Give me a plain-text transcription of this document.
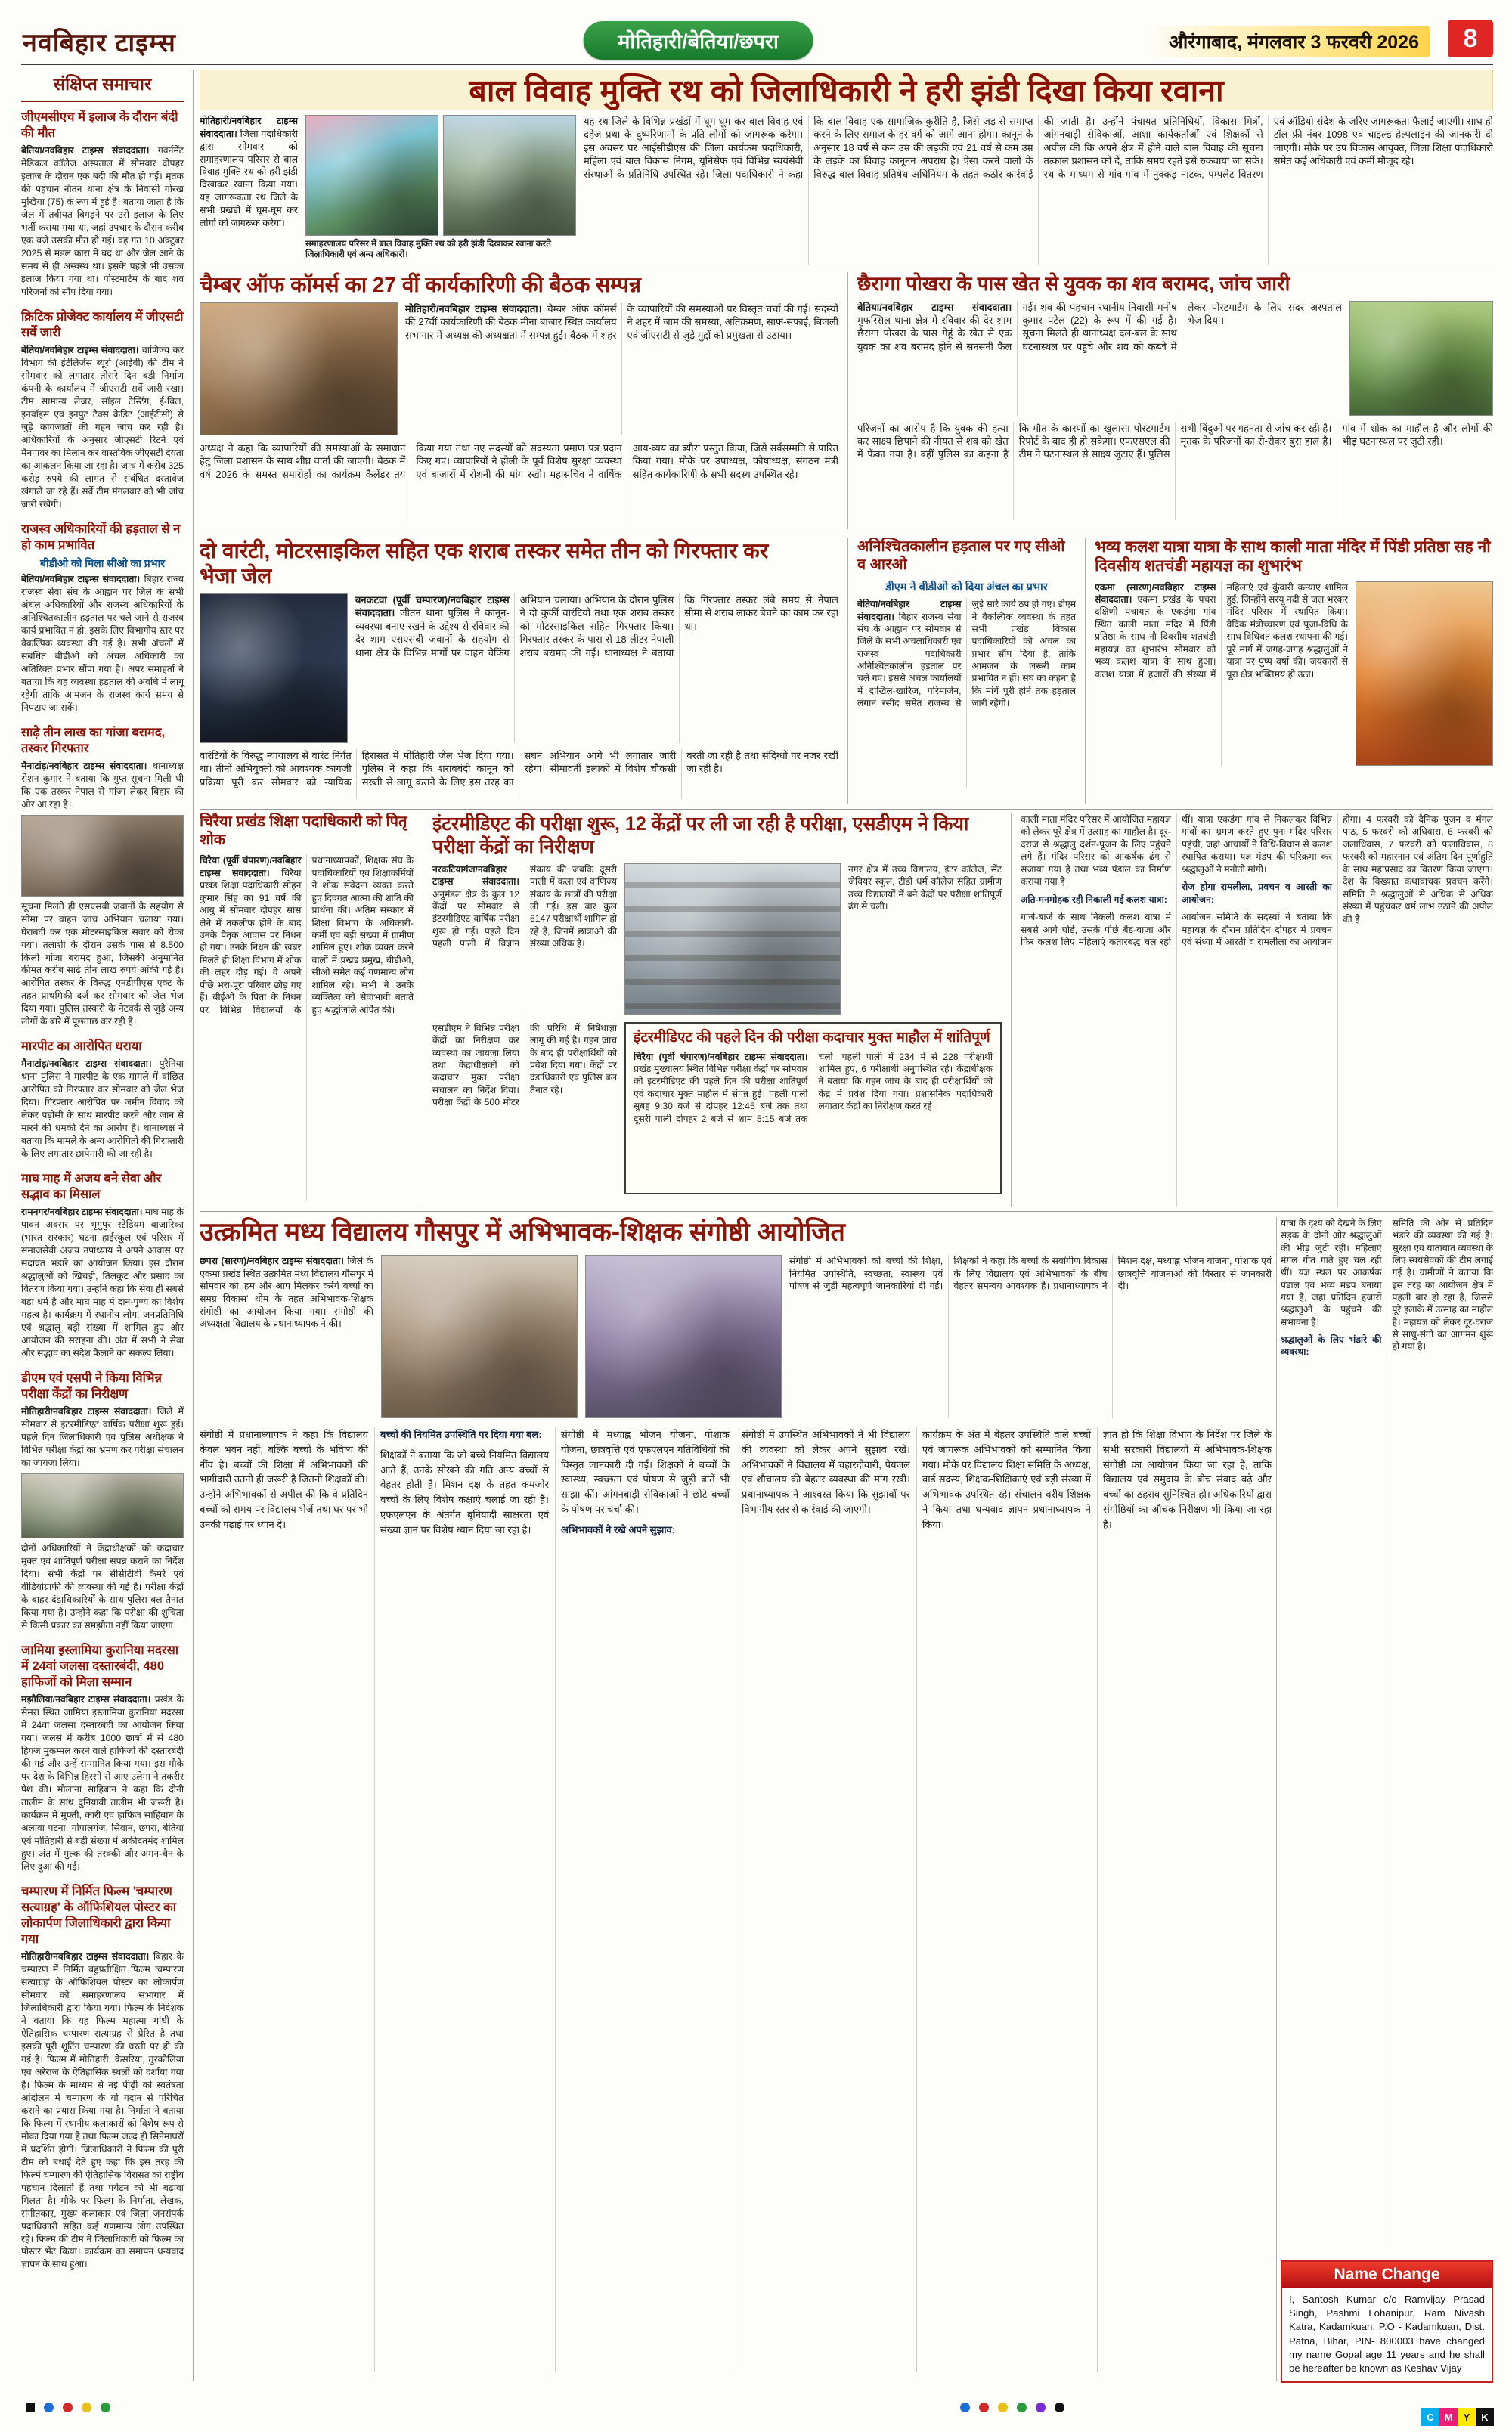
नवबिहार टाइम्स	मोतिहारी/बेतिया/छपरा	औरंगाबाद, मंगलवार 3 फरवरी 2026	8
संक्षिप्त समाचार
जीएमसीएच में इलाज के दौरान बंदी की मौत

बेतिया/नवबिहार टाइम्स संवाददाता। गवर्नमेंट मेडिकल कॉलेज अस्पताल में सोमवार दोपहर इलाज के दौरान एक बंदी की मौत हो गई। मृतक की पहचान नौतन थाना क्षेत्र के निवासी गोरख मुखिया (75) के रूप में हुई है। बताया जाता है कि जेल में तबीयत बिगड़ने पर उसे इलाज के लिए भर्ती कराया गया था, जहां उपचार के दौरान करीब एक बजे उसकी मौत हो गई। वह गत 10 अक्टूबर 2025 से मंडल कारा में बंद था और जेल आने के समय से ही अस्वस्थ था। इसके पहले भी उसका इलाज किया गया था। पोस्टमार्टम के बाद शव परिजनों को सौंप दिया गया।

क्रिटिक प्रोजेक्ट कार्यालय में जीएसटी सर्वे जारी

बेतिया/नवबिहार टाइम्स संवाददाता। वाणिज्य कर विभाग की इंटेलिजेंस ब्यूरो (आईबी) की टीम ने सोमवार को लगातार तीसरे दिन बड़ी निर्माण कंपनी के कार्यालय में जीएसटी सर्वे जारी रखा। टीम सामान्य लेजर, सॉइल टेस्टिंग, ई-बिल, इनवॉइस एवं इनपुट टैक्स क्रेडिट (आईटीसी) से जुड़े कागजातों की गहन जांच कर रही है। अधिकारियों के अनुसार जीएसटी रिटर्न एवं मैनपावर का मिलान कर वास्तविक जीएसटी देयता का आकलन किया जा रहा है। जांच में करीब 325 करोड़ रुपये की लागत से संबंधित दस्तावेज खंगाले जा रहे हैं। सर्वे टीम मंगलवार को भी जांच जारी रखेगी।

राजस्व अधिकारियों की हड़ताल से न हो काम प्रभावित
बीडीओ को मिला सीओ का प्रभार

बेतिया/नवबिहार टाइम्स संवाददाता। बिहार राज्य राजस्व सेवा संघ के आह्वान पर जिले के सभी अंचल अधिकारियों और राजस्व अधिकारियों के अनिश्चितकालीन हड़ताल पर चले जाने से राजस्व कार्य प्रभावित न हो, इसके लिए विभागीय स्तर पर वैकल्पिक व्यवस्था की गई है। सभी अंचलों में संबंधित बीडीओ को अंचल अधिकारी का अतिरिक्त प्रभार सौंपा गया है। अपर समाहर्ता ने बताया कि यह व्यवस्था हड़ताल की अवधि में लागू रहेगी ताकि आमजन के राजस्व कार्य समय से निपटाए जा सकें।

साढ़े तीन लाख का गांजा बरामद, तस्कर गिरफ्तार

मैनाटांड़/नवबिहार टाइम्स संवाददाता। थानाध्यक्ष रोशन कुमार ने बताया कि गुप्त सूचना मिली थी कि एक तस्कर नेपाल से गांजा लेकर बिहार की ओर आ रहा है।

सूचना मिलते ही एसएसबी जवानों के सहयोग से सीमा पर वाहन जांच अभियान चलाया गया। घेराबंदी कर एक मोटरसाइकिल सवार को रोका गया। तलाशी के दौरान उसके पास से 8.500 किलो गांजा बरामद हुआ, जिसकी अनुमानित कीमत करीब साढ़े तीन लाख रुपये आंकी गई है। आरोपित तस्कर के विरुद्ध एनडीपीएस एक्ट के तहत प्राथमिकी दर्ज कर सोमवार को जेल भेज दिया गया। पुलिस तस्करी के नेटवर्क से जुड़े अन्य लोगों के बारे में पूछताछ कर रही है।

मारपीट का आरोपित धराया

मैनाटांड़/नवबिहार टाइम्स संवाददाता। पुरैनिया थाना पुलिस ने मारपीट के एक मामले में वांछित आरोपित को गिरफ्तार कर सोमवार को जेल भेज दिया। गिरफ्तार आरोपित पर जमीन विवाद को लेकर पड़ोसी के साथ मारपीट करने और जान से मारने की धमकी देने का आरोप है। थानाध्यक्ष ने बताया कि मामले के अन्य आरोपितों की गिरफ्तारी के लिए लगातार छापेमारी की जा रही है।

माघ माह में अजय बने सेवा और सद्भाव का मिसाल

रामनगर/नवबिहार टाइम्स संवाददाता। माघ माह के पावन अवसर पर भृगुपुर स्टेडियम बाजारिका (भारत सरकार) घटना हाईस्कूल एवं परिसर में समाजसेवी अजय उपाध्याय ने अपने आवास पर सदाव्रत भंडारे का आयोजन किया। इस दौरान श्रद्धालुओं को खिचड़ी, तिलकुट और प्रसाद का वितरण किया गया। उन्होंने कहा कि सेवा ही सबसे बड़ा धर्म है और माघ माह में दान-पुण्य का विशेष महत्व है। कार्यक्रम में स्थानीय लोग, जनप्रतिनिधि एवं श्रद्धालु बड़ी संख्या में शामिल हुए और आयोजन की सराहना की। अंत में सभी ने सेवा और सद्भाव का संदेश फैलाने का संकल्प लिया।

डीएम एवं एसपी ने किया विभिन्न परीक्षा केंद्रों का निरीक्षण

मोतिहारी/नवबिहार टाइम्स संवाददाता। जिले में सोमवार से इंटरमीडिएट वार्षिक परीक्षा शुरू हुई। पहले दिन जिलाधिकारी एवं पुलिस अधीक्षक ने विभिन्न परीक्षा केंद्रों का भ्रमण कर परीक्षा संचालन का जायजा लिया।

दोनों अधिकारियों ने केंद्राधीक्षकों को कदाचार मुक्त एवं शांतिपूर्ण परीक्षा संपन्न कराने का निर्देश दिया। सभी केंद्रों पर सीसीटीवी कैमरे एवं वीडियोग्राफी की व्यवस्था की गई है। परीक्षा केंद्रों के बाहर दंडाधिकारियों के साथ पुलिस बल तैनात किया गया है। उन्होंने कहा कि परीक्षा की शुचिता से किसी प्रकार का समझौता नहीं किया जाएगा।

जामिया इस्लामिया कुरानिया मदरसा में 24वां जलसा दस्तारबंदी, 480 हाफिजों को मिला सम्मान

मझौलिया/नवबिहार टाइम्स संवाददाता। प्रखंड के सेमरा स्थित जामिया इस्लामिया कुरानिया मदरसा में 24वां जलसा दस्तारबंदी का आयोजन किया गया। जलसे में करीब 1000 छात्रों में से 480 हिफ्ज मुकम्मल करने वाले हाफिजों की दस्तारबंदी की गई और उन्हें सम्मानित किया गया। इस मौके पर देश के विभिन्न हिस्सों से आए उलेमा ने तकरीर पेश की। मौलाना साहिबान ने कहा कि दीनी तालीम के साथ दुनियावी तालीम भी जरूरी है। कार्यक्रम में मुफ्ती, कारी एवं हाफिज साहिबान के अलावा पटना, गोपालगंज, सिवान, छपरा, बेतिया एवं मोतिहारी से बड़ी संख्या में अकीदतमंद शामिल हुए। अंत में मुल्क की तरक्की और अमन-चैन के लिए दुआ की गई।

चम्पारण में निर्मित फिल्म 'चम्पारण सत्याग्रह' के ऑफिशियल पोस्टर का लोकार्पण जिलाधिकारी द्वारा किया गया

मोतिहारी/नवबिहार टाइम्स संवाददाता। बिहार के चम्पारण में निर्मित बहुप्रतीक्षित फिल्म 'चम्पारण सत्याग्रह' के ऑफिशियल पोस्टर का लोकार्पण सोमवार को समाहरणालय सभागार में जिलाधिकारी द्वारा किया गया। फिल्म के निर्देशक ने बताया कि यह फिल्म महात्मा गांधी के ऐतिहासिक चम्पारण सत्याग्रह से प्रेरित है तथा इसकी पूरी शूटिंग चम्पारण की धरती पर ही की गई है। फिल्म में मोतिहारी, केसरिया, तुरकौलिया एवं अरेराज के ऐतिहासिक स्थलों को दर्शाया गया है। फिल्म के माध्यम से नई पीढ़ी को स्वतंत्रता आंदोलन में चम्पारण के यो गदान से परिचित कराने का प्रयास किया गया है। निर्माता ने बताया कि फिल्म में स्थानीय कलाकारों को विशेष रूप से मौका दिया गया है तथा फिल्म जल्द ही सिनेमाघरों में प्रदर्शित होगी। जिलाधिकारी ने फिल्म की पूरी टीम को बधाई देते हुए कहा कि इस तरह की फिल्में चम्पारण की ऐतिहासिक विरासत को राष्ट्रीय पहचान दिलाती हैं तथा पर्यटन को भी बढ़ावा मिलता है। मौके पर फिल्म के निर्माता, लेखक, संगीतकार, मुख्य कलाकार एवं जिला जनसंपर्क पदाधिकारी सहित कई गणमान्य लोग उपस्थित रहे। फिल्म की टीम ने जिलाधिकारी को फिल्म का पोस्टर भेंट किया। कार्यक्रम का समापन धन्यवाद ज्ञापन के साथ हुआ।

बाल विवाह मुक्ति रथ को जिलाधिकारी ने हरी झंडी दिखा किया रवाना
मोतिहारी/नवबिहार टाइम्स संवाददाता। जिला पदाधिकारी द्वारा सोमवार को समाहरणालय परिसर से बाल विवाह मुक्ति रथ को हरी झंडी दिखाकर रवाना किया गया। यह जागरूकता रथ जिले के सभी प्रखंडों में घूम-घूम कर लोगों को जागरूक करेगा।

समाहरणालय परिसर में बाल विवाह मुक्ति रथ को हरी झंडी दिखाकर रवाना करते जिलाधिकारी एवं अन्य अधिकारी।

यह रथ जिले के विभिन्न प्रखंडों में घूम-घूम कर बाल विवाह एवं दहेज प्रथा के दुष्परिणामों के प्रति लोगों को जागरूक करेगा। इस अवसर पर आईसीडीएस की जिला कार्यक्रम पदाधिकारी, महिला एवं बाल विकास निगम, यूनिसेफ एवं विभिन्न स्वयंसेवी संस्थाओं के प्रतिनिधि उपस्थित रहे। जिला पदाधिकारी ने कहा कि बाल विवाह एक सामाजिक कुरीति है, जिसे जड़ से समाप्त करने के लिए समाज के हर वर्ग को आगे आना होगा। कानून के अनुसार 18 वर्ष से कम उम्र की लड़की एवं 21 वर्ष से कम उम्र के लड़के का विवाह कानूनन अपराध है। ऐसा करने वालों के विरुद्ध बाल विवाह प्रतिषेध अधिनियम के तहत कठोर कार्रवाई की जाती है। उन्होंने पंचायत प्रतिनिधियों, विकास मित्रों, आंगनबाड़ी सेविकाओं, आशा कार्यकर्ताओं एवं शिक्षकों से अपील की कि अपने क्षेत्र में होने वाले बाल विवाह की सूचना तत्काल प्रशासन को दें, ताकि समय रहते इसे रुकवाया जा सके। रथ के माध्यम से गांव-गांव में नुक्कड़ नाटक, पम्पलेट वितरण एवं ऑडियो संदेश के जरिए जागरूकता फैलाई जाएगी। साथ ही टॉल फ्री नंबर 1098 एवं चाइल्ड हेल्पलाइन की जानकारी दी जाएगी। मौके पर उप विकास आयुक्त, जिला शिक्षा पदाधिकारी समेत कई अधिकारी एवं कर्मी मौजूद रहे।
चैम्बर ऑफ कॉमर्स का 27 वीं कार्यकारिणी की बैठक सम्पन्न
मोतिहारी/नवबिहार टाइम्स संवाददाता। चैम्बर ऑफ कॉमर्स की 27वीं कार्यकारिणी की बैठक मीना बाजार स्थित कार्यालय सभागार में अध्यक्ष की अध्यक्षता में सम्पन्न हुई। बैठक में शहर के व्यापारियों की समस्याओं पर विस्तृत चर्चा की गई। सदस्यों ने शहर में जाम की समस्या, अतिक्रमण, साफ-सफाई, बिजली एवं जीएसटी से जुड़े मुद्दों को प्रमुखता से उठाया।
अध्यक्ष ने कहा कि व्यापारियों की समस्याओं के समाधान हेतु जिला प्रशासन के साथ शीघ्र वार्ता की जाएगी। बैठक में वर्ष 2026 के समस्त समारोहों का कार्यक्रम कैलेंडर तय किया गया तथा नए सदस्यों को सदस्यता प्रमाण पत्र प्रदान किए गए। व्यापारियों ने होली के पूर्व विशेष सुरक्षा व्यवस्था एवं बाजारों में रोशनी की मांग रखी। महासचिव ने वार्षिक आय-व्यय का ब्यौरा प्रस्तुत किया, जिसे सर्वसम्मति से पारित किया गया। मौके पर उपाध्यक्ष, कोषाध्यक्ष, संगठन मंत्री सहित कार्यकारिणी के सभी सदस्य उपस्थित रहे।
छैरागा पोखरा के पास खेत से युवक का शव बरामद, जांच जारी
बेतिया/नवबिहार टाइम्स संवाददाता। मुफस्सिल थाना क्षेत्र में रविवार की देर शाम छैरागा पोखरा के पास गेहूं के खेत से एक युवक का शव बरामद होने से सनसनी फैल गई। शव की पहचान स्थानीय निवासी मनीष कुमार पटेल (22) के रूप में की गई है। सूचना मिलते ही थानाध्यक्ष दल-बल के साथ घटनास्थल पर पहुंचे और शव को कब्जे में लेकर पोस्टमार्टम के लिए सदर अस्पताल भेज दिया।
परिजनों का आरोप है कि युवक की हत्या कर साक्ष्य छिपाने की नीयत से शव को खेत में फेंका गया है। वहीं पुलिस का कहना है कि मौत के कारणों का खुलासा पोस्टमार्टम रिपोर्ट के बाद ही हो सकेगा। एफएसएल की टीम ने घटनास्थल से साक्ष्य जुटाए हैं। पुलिस सभी बिंदुओं पर गहनता से जांच कर रही है। मृतक के परिजनों का रो-रोकर बुरा हाल है। गांव में शोक का माहौल है और लोगों की भीड़ घटनास्थल पर जुटी रही।
दो वारंटी, मोटरसाइकिल सहित एक शराब तस्कर समेत तीन को गिरफ्तार कर भेजा जेल
बनकटवा (पूर्वी चम्पारण)/नवबिहार टाइम्स संवाददाता। जीतन थाना पुलिस ने कानून-व्यवस्था बनाए रखने के उद्देश्य से रविवार की देर शाम एसएसबी जवानों के सहयोग से थाना क्षेत्र के विभिन्न मार्गों पर वाहन चेकिंग अभियान चलाया। अभियान के दौरान पुलिस ने दो कुर्की वारंटियों तथा एक शराब तस्कर को मोटरसाइकिल सहित गिरफ्तार किया। गिरफ्तार तस्कर के पास से 18 लीटर नेपाली शराब बरामद की गई। थानाध्यक्ष ने बताया कि गिरफ्तार तस्कर लंबे समय से नेपाल सीमा से शराब लाकर बेचने का काम कर रहा था।
वारंटियों के विरुद्ध न्यायालय से वारंट निर्गत था। तीनों अभियुक्तों को आवश्यक कागजी प्रक्रिया पूरी कर सोमवार को न्यायिक हिरासत में मोतिहारी जेल भेज दिया गया। पुलिस ने कहा कि शराबबंदी कानून को सख्ती से लागू कराने के लिए इस तरह का सघन अभियान आगे भी लगातार जारी रहेगा। सीमावर्ती इलाकों में विशेष चौकसी बरती जा रही है तथा संदिग्धों पर नजर रखी जा रही है।
अनिश्चितकालीन हड़ताल पर गए सीओ व आरओ
डीएम ने बीडीओ को दिया अंचल का प्रभार
बेतिया/नवबिहार टाइम्स संवाददाता। बिहार राजस्व सेवा संघ के आह्वान पर सोमवार से जिले के सभी अंचलाधिकारी एवं राजस्व पदाधिकारी अनिश्चितकालीन हड़ताल पर चले गए। इससे अंचल कार्यालयों में दाखिल-खारिज, परिमार्जन, लगान रसीद समेत राजस्व से जुड़े सारे कार्य ठप हो गए। डीएम ने वैकल्पिक व्यवस्था के तहत सभी प्रखंड विकास पदाधिकारियों को अंचल का प्रभार सौंप दिया है, ताकि आमजन के जरूरी काम प्रभावित न हों। संघ का कहना है कि मांगें पूरी होने तक हड़ताल जारी रहेगी।
भव्य कलश यात्रा यात्रा के साथ काली माता मंदिर में पिंडी प्रतिष्ठा सह नौ दिवसीय शतचंडी महायज्ञ का शुभारंभ
एकमा (सारण)/नवबिहार टाइम्स संवाददाता। एकमा प्रखंड के पचरा दक्षिणी पंचायत के एकडंगा गांव स्थित काली माता मंदिर में पिंडी प्रतिष्ठा के साथ नौ दिवसीय शतचंडी महायज्ञ का शुभारंभ सोमवार को भव्य कलश यात्रा के साथ हुआ। कलश यात्रा में हजारों की संख्या में महिलाएं एवं कुंवारी कन्याएं शामिल हुईं, जिन्होंने सरयू नदी से जल भरकर मंदिर परिसर में स्थापित किया। वैदिक मंत्रोच्चारण एवं पूजा-विधि के साथ विधिवत कलश स्थापना की गई। पूरे मार्ग में जगह-जगह श्रद्धालुओं ने यात्रा पर पुष्प वर्षा की। जयकारों से पूरा क्षेत्र भक्तिमय हो उठा।
चिरैया प्रखंड शिक्षा पदाधिकारी को पितृ शोक
चिरैया (पूर्वी चंपारण)/नवबिहार टाइम्स संवाददाता। चिरैया प्रखंड शिक्षा पदाधिकारी सोहन कुमार सिंह का 91 वर्ष की आयु में सोमवार दोपहर सांस लेने में तकलीफ होने के बाद उनके पैतृक आवास पर निधन हो गया। उनके निधन की खबर मिलते ही शिक्षा विभाग में शोक की लहर दौड़ गई। वे अपने पीछे भरा-पूरा परिवार छोड़ गए हैं। बीईओ के पिता के निधन पर विभिन्न विद्यालयों के प्रधानाध्यापकों, शिक्षक संघ के पदाधिकारियों एवं शिक्षाकर्मियों ने शोक संवेदना व्यक्त करते हुए दिवंगत आत्मा की शांति की प्रार्थना की। अंतिम संस्कार में शिक्षा विभाग के अधिकारी-कर्मी एवं बड़ी संख्या में ग्रामीण शामिल हुए। शोक व्यक्त करने वालों में प्रखंड प्रमुख, बीडीओ, सीओ समेत कई गणमान्य लोग शामिल रहे। सभी ने उनके व्यक्तित्व को सेवाभावी बताते हुए श्रद्धांजलि अर्पित की।
इंटरमीडिएट की परीक्षा शुरू, 12 केंद्रों पर ली जा रही है परीक्षा, एसडीएम ने किया परीक्षा केंद्रों का निरीक्षण
नरकटियागंज/नवबिहार टाइम्स संवाददाता। अनुमंडल क्षेत्र के कुल 12 केंद्रों पर सोमवार से इंटरमीडिएट वार्षिक परीक्षा शुरू हो गई। पहले दिन पहली पाली में विज्ञान संकाय की जबकि दूसरी पाली में कला एवं वाणिज्य संकाय के छात्रों की परीक्षा ली गई। इस बार कुल 6147 परीक्षार्थी शामिल हो रहे हैं, जिनमें छात्राओं की संख्या अधिक है।
नगर क्षेत्र में उच्च विद्यालय, इंटर कॉलेज, सेंट जेवियर स्कूल, टीडी धर्म कॉलेज सहित ग्रामीण उच्च विद्यालयों में बने केंद्रों पर परीक्षा शांतिपूर्ण ढंग से चली।
एसडीएम ने विभिन्न परीक्षा केंद्रों का निरीक्षण कर व्यवस्था का जायजा लिया तथा केंद्राधीक्षकों को कदाचार मुक्त परीक्षा संचालन का निर्देश दिया। परीक्षा केंद्रों के 500 मीटर की परिधि में निषेधाज्ञा लागू की गई है। गहन जांच के बाद ही परीक्षार्थियों को प्रवेश दिया गया। केंद्रों पर दंडाधिकारी एवं पुलिस बल तैनात रहे।
इंटरमीडिएट की पहले दिन की परीक्षा कदाचार मुक्त माहौल में शांतिपूर्ण
चिरैया (पूर्वी चंपारण)/नवबिहार टाइम्स संवाददाता। प्रखंड मुख्यालय स्थित विभिन्न परीक्षा केंद्रों पर सोमवार को इंटरमीडिएट की पहले दिन की परीक्षा शांतिपूर्ण एवं कदाचार मुक्त माहौल में संपन्न हुई। पहली पाली सुबह 9:30 बजे से दोपहर 12:45 बजे तक तथा दूसरी पाली दोपहर 2 बजे से शाम 5:15 बजे तक चली। पहली पाली में 234 में से 228 परीक्षार्थी शामिल हुए, 6 परीक्षार्थी अनुपस्थित रहे। केंद्राधीक्षक ने बताया कि गहन जांच के बाद ही परीक्षार्थियों को केंद्र में प्रवेश दिया गया। प्रशासनिक पदाधिकारी लगातार केंद्रों का निरीक्षण करते रहे।

काली माता मंदिर परिसर में आयोजित महायज्ञ को लेकर पूरे क्षेत्र में उत्साह का माहौल है। दूर-दराज से श्रद्धालु दर्शन-पूजन के लिए पहुंचने लगे हैं। मंदिर परिसर को आकर्षक ढंग से सजाया गया है तथा भव्य पंडाल का निर्माण कराया गया है।

अति-मनमोहक रही निकाली गई कलश यात्रा:

गाजे-बाजे के साथ निकली कलश यात्रा में सबसे आगे घोड़े, उसके पीछे बैंड-बाजा और फिर कलश लिए महिलाएं कतारबद्ध चल रही थीं। यात्रा एकडंगा गांव से निकलकर विभिन्न गांवों का भ्रमण करते हुए पुनः मंदिर परिसर पहुंची, जहां आचार्यों ने विधि-विधान से कलश स्थापित कराया। यज्ञ मंडप की परिक्रमा कर श्रद्धालुओं ने मनौती मांगी।

रोज होगा रामलीला, प्रवचन व आरती का आयोजन:

आयोजन समिति के सदस्यों ने बताया कि महायज्ञ के दौरान प्रतिदिन दोपहर में प्रवचन एवं संध्या में आरती व रामलीला का आयोजन होगा। 4 फरवरी को दैनिक पूजन व मंगल पाठ, 5 फरवरी को अधिवास, 6 फरवरी को जलाधिवास, 7 फरवरी को फलाधिवास, 8 फरवरी को महास्नान एवं अंतिम दिन पूर्णाहुति के साथ महाप्रसाद का वितरण किया जाएगा। देश के विख्यात कथावाचक प्रवचन करेंगे। समिति ने श्रद्धालुओं से अधिक से अधिक संख्या में पहुंचकर धर्म लाभ उठाने की अपील की है।

उत्क्रमित मध्य विद्यालय गौसपुर में अभिभावक-शिक्षक संगोष्ठी आयोजित
छपरा (सारण)/नवबिहार टाइम्स संवाददाता। जिले के एकमा प्रखंड स्थित उत्क्रमित मध्य विद्यालय गौसपुर में सोमवार को 'हम और आप मिलकर करेंगे बच्चों का समग्र विकास' थीम के तहत अभिभावक-शिक्षक संगोष्ठी का आयोजन किया गया। संगोष्ठी की अध्यक्षता विद्यालय के प्रधानाध्यापक ने की।
संगोष्ठी में अभिभावकों को बच्चों की शिक्षा, नियमित उपस्थिति, स्वच्छता, स्वास्थ्य एवं पोषण से जुड़ी महत्वपूर्ण जानकारियां दी गईं। शिक्षकों ने कहा कि बच्चों के सर्वांगीण विकास के लिए विद्यालय एवं अभिभावकों के बीच बेहतर समन्वय आवश्यक है। प्रधानाध्यापक ने मिशन दक्ष, मध्याह्न भोजन योजना, पोशाक एवं छात्रवृत्ति योजनाओं की विस्तार से जानकारी दी।

संगोष्ठी में प्रधानाध्यापक ने कहा कि विद्यालय केवल भवन नहीं, बल्कि बच्चों के भविष्य की नींव है। बच्चों की शिक्षा में अभिभावकों की भागीदारी उतनी ही जरूरी है जितनी शिक्षकों की। उन्होंने अभिभावकों से अपील की कि वे प्रतिदिन बच्चों को समय पर विद्यालय भेजें तथा घर पर भी उनकी पढ़ाई पर ध्यान दें।

बच्चों की नियमित उपस्थिति पर दिया गया बल:

शिक्षकों ने बताया कि जो बच्चे नियमित विद्यालय आते हैं, उनके सीखने की गति अन्य बच्चों से बेहतर होती है। मिशन दक्ष के तहत कमजोर बच्चों के लिए विशेष कक्षाएं चलाई जा रही हैं। एफएलएन के अंतर्गत बुनियादी साक्षरता एवं संख्या ज्ञान पर विशेष ध्यान दिया जा रहा है।

संगोष्ठी में मध्याह्न भोजन योजना, पोशाक योजना, छात्रवृत्ति एवं एफएलएन गतिविधियों की विस्तृत जानकारी दी गई। शिक्षकों ने बच्चों के स्वास्थ्य, स्वच्छता एवं पोषण से जुड़ी बातें भी साझा कीं। आंगनबाड़ी सेविकाओं ने छोटे बच्चों के पोषण पर चर्चा की।

अभिभावकों ने रखे अपने सुझाव:

संगोष्ठी में उपस्थित अभिभावकों ने भी विद्यालय की व्यवस्था को लेकर अपने सुझाव रखे। अभिभावकों ने विद्यालय में चहारदीवारी, पेयजल एवं शौचालय की बेहतर व्यवस्था की मांग रखी। प्रधानाध्यापक ने आश्वस्त किया कि सुझावों पर विभागीय स्तर से कार्रवाई की जाएगी।

कार्यक्रम के अंत में बेहतर उपस्थिति वाले बच्चों एवं जागरूक अभिभावकों को सम्मानित किया गया। मौके पर विद्यालय शिक्षा समिति के अध्यक्ष, वार्ड सदस्य, शिक्षक-शिक्षिकाएं एवं बड़ी संख्या में अभिभावक उपस्थित रहे। संचालन वरीय शिक्षक ने किया तथा धन्यवाद ज्ञापन प्रधानाध्यापक ने किया।

ज्ञात हो कि शिक्षा विभाग के निर्देश पर जिले के सभी सरकारी विद्यालयों में अभिभावक-शिक्षक संगोष्ठी का आयोजन किया जा रहा है, ताकि विद्यालय एवं समुदाय के बीच संवाद बढ़े और बच्चों का ठहराव सुनिश्चित हो। अधिकारियों द्वारा संगोष्ठियों का औचक निरीक्षण भी किया जा रहा है।

यात्रा के दृश्य को देखने के लिए सड़क के दोनों ओर श्रद्धालुओं की भीड़ जुटी रही। महिलाएं मंगल गीत गाते हुए चल रही थीं। यज्ञ स्थल पर आकर्षक पंडाल एवं भव्य मंडप बनाया गया है, जहां प्रतिदिन हजारों श्रद्धालुओं के पहुंचने की संभावना है।

श्रद्धालुओं के लिए भंडारे की व्यवस्था:

समिति की ओर से प्रतिदिन भंडारे की व्यवस्था की गई है। सुरक्षा एवं यातायात व्यवस्था के लिए स्वयंसेवकों की टीम लगाई गई है। ग्रामीणों ने बताया कि इस तरह का आयोजन क्षेत्र में पहली बार हो रहा है, जिससे पूरे इलाके में उत्साह का माहौल है। महायज्ञ को लेकर दूर-दराज से साधु-संतों का आगमन शुरू हो गया है।

Name Change
I, Santosh Kumar c/o Ramvijay Prasad Singh, Pashmi Lohanipur, Ram Nivash Katra, Kadamkuan, P.O - Kadamkuan, Dist. Patna, Bihar, PIN- 800003 have changed my name Gopal age 11 years and he shall be hereafter be known as Keshav Vijay
C	M	Y	K
